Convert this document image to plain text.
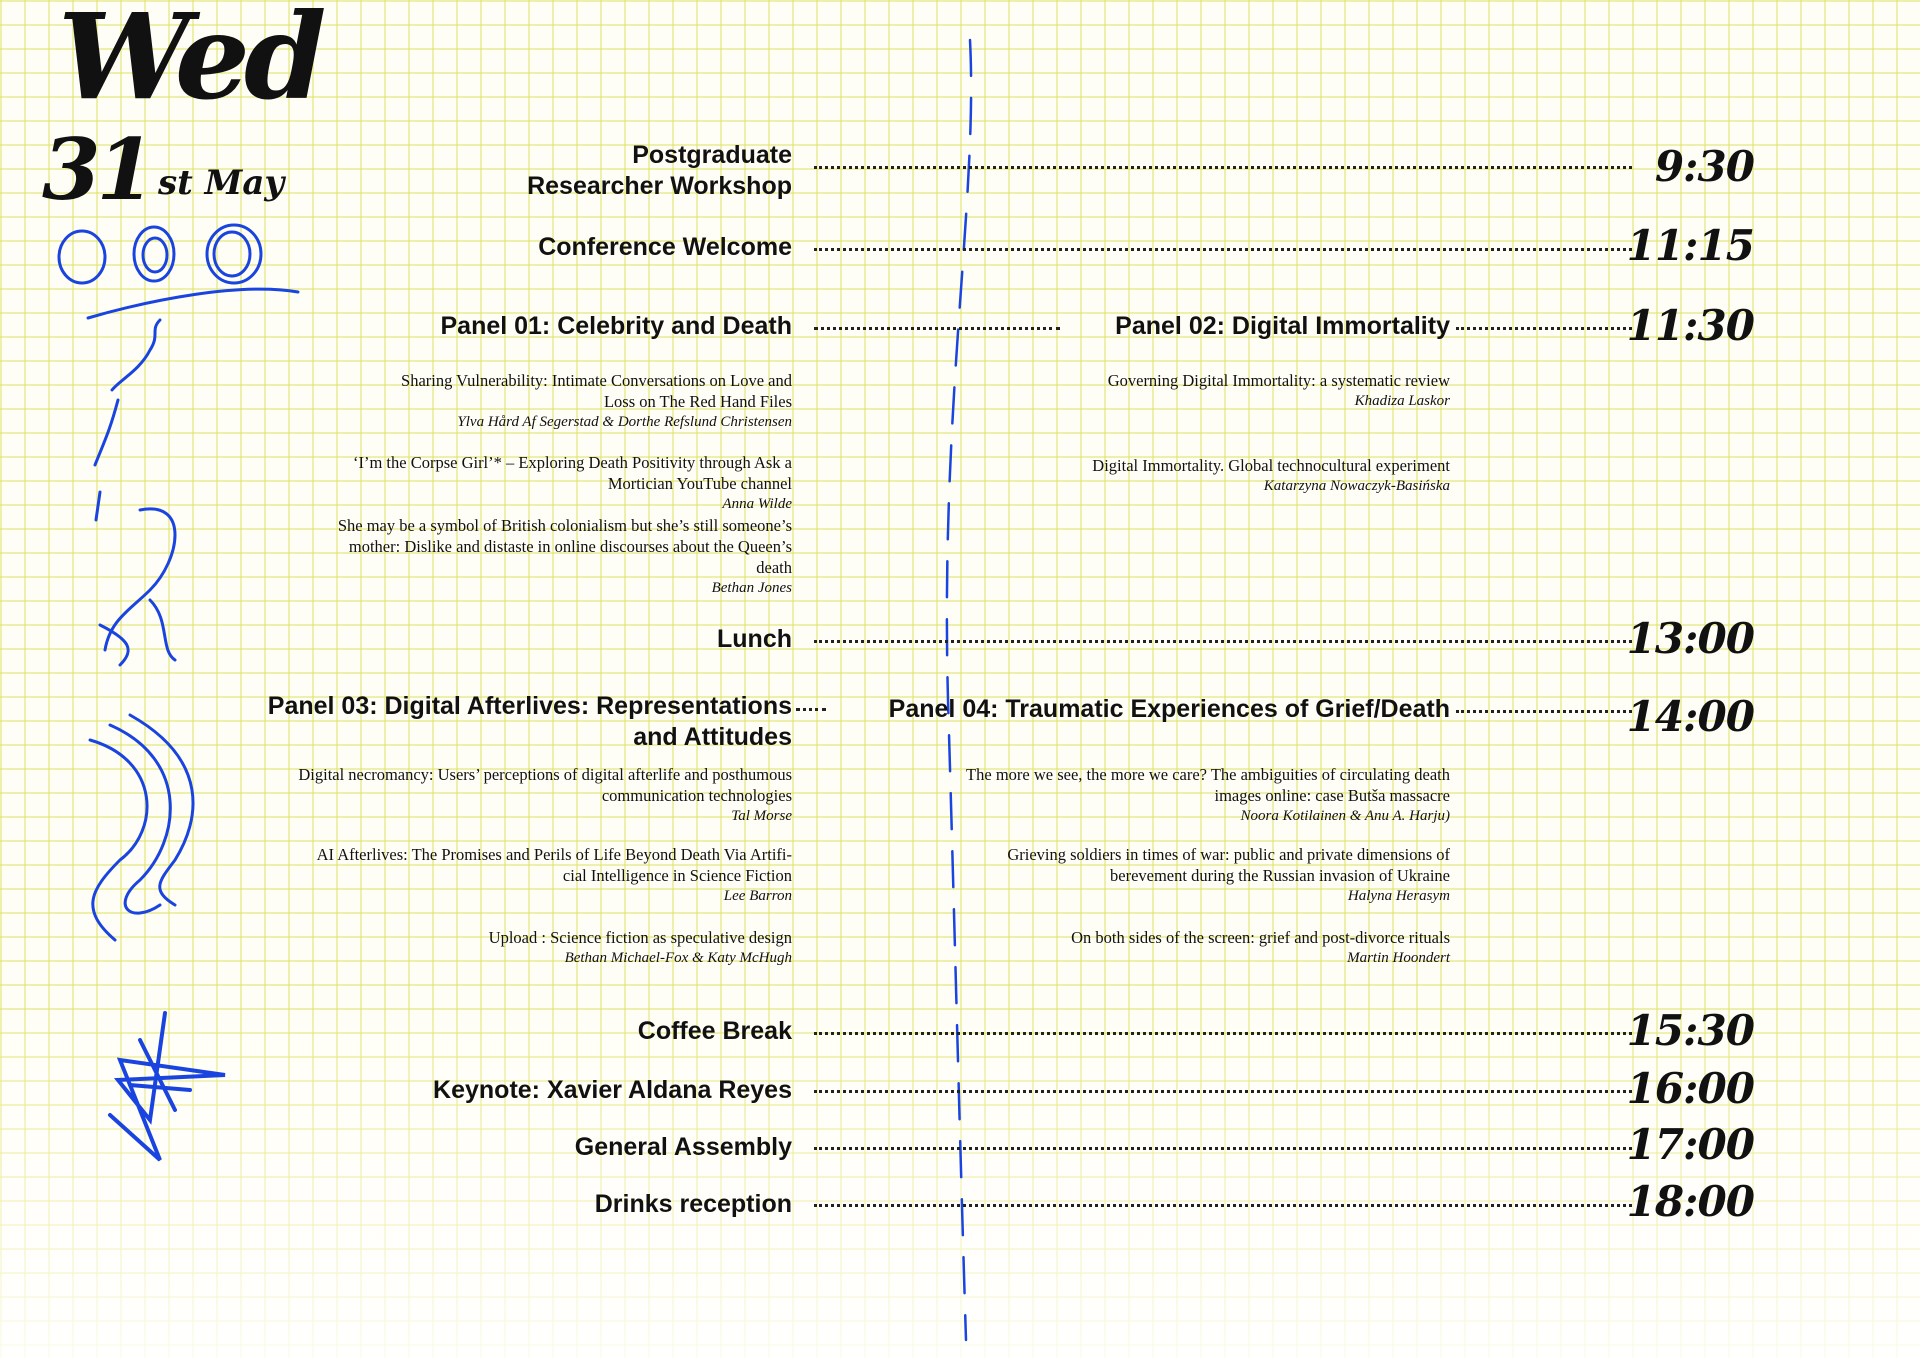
Wed
31 st May
Postgraduate
Researcher Workshop	9:30
Conference Welcome	11:15
Panel 01: Celebrity and Death	Panel 02: Digital Immortality	11:30
Sharing Vulnerability: Intimate Conversations on Love and
Loss on The Red Hand Files
Ylva Hård Af Segerstad & Dorthe Refslund Christensen
‘I’m the Corpse Girl’* – Exploring Death Positivity through Ask a
Mortician YouTube channel
Anna Wilde
She may be a symbol of British colonialism but she’s still someone’s
mother: Dislike and distaste in online discourses about the Queen’s
death
Bethan Jones
Governing Digital Immortality: a systematic review
Khadiza Laskor
Digital Immortality. Global technocultural experiment
Katarzyna Nowaczyk-Basińska
Lunch	13:00
Panel 03: Digital Afterlives: Representations
and Attitudes
Panel 04: Traumatic Experiences of Grief/Death	14:00
Digital necromancy: Users’ perceptions of digital afterlife and posthumous
communication technologies
Tal Morse
AI Afterlives: The Promises and Perils of Life Beyond Death Via Artifi-
cial Intelligence in Science Fiction
Lee Barron
Upload : Science fiction as speculative design
Bethan Michael-Fox & Katy McHugh
The more we see, the more we care? The ambiguities of circulating death
images online: case Butša massacre
Noora Kotilainen & Anu A. Harju)
Grieving soldiers in times of war: public and private dimensions of
berevement during the Russian invasion of Ukraine
Halyna Herasym
On both sides of the screen: grief and post-divorce rituals
Martin Hoondert
Coffee Break	15:30
Keynote: Xavier Aldana Reyes	16:00
General Assembly	17:00
Drinks reception	18:00
